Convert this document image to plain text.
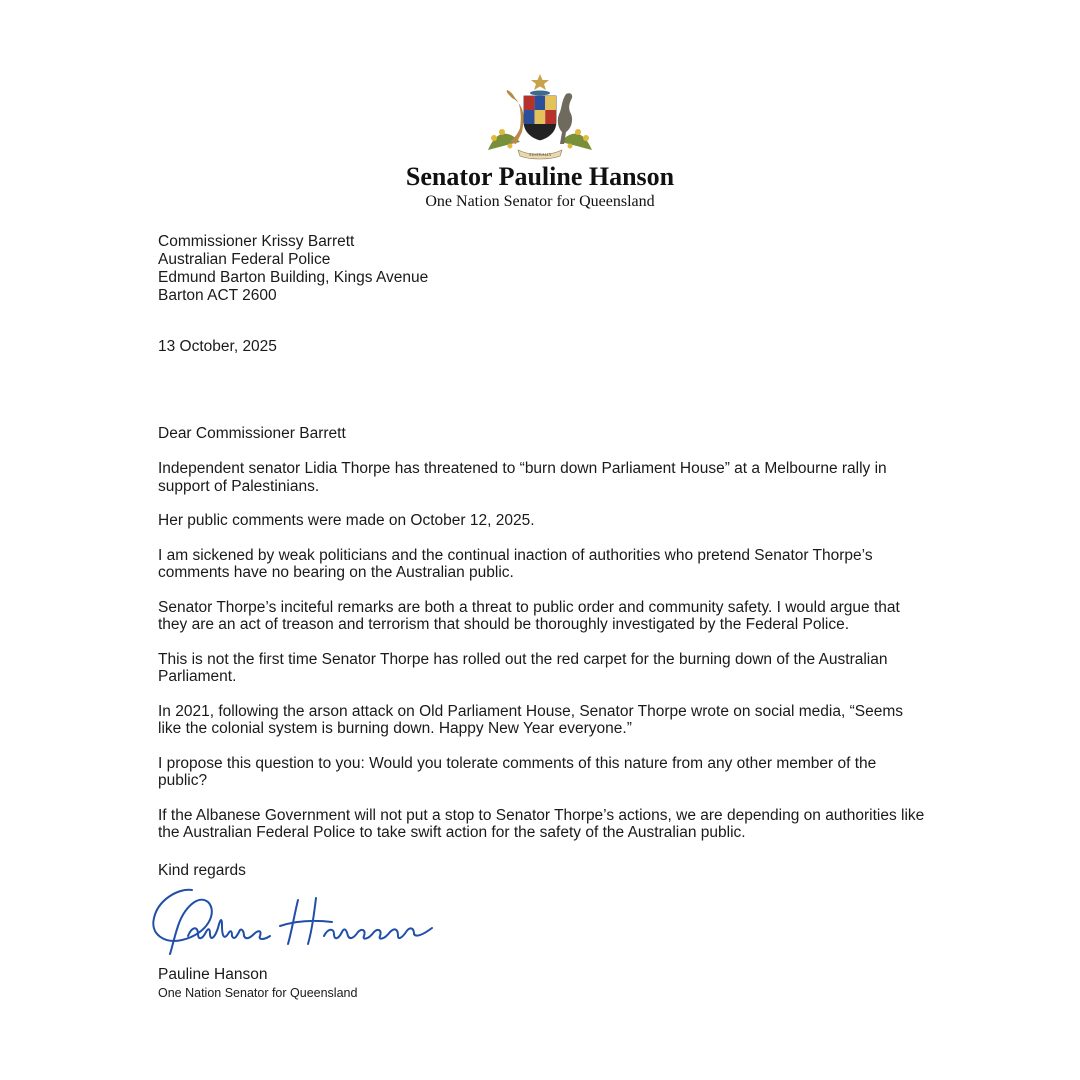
AUSTRALIA
Senator Pauline Hanson
One Nation Senator for Queensland
Commissioner Krissy Barrett
Australian Federal Police
Edmund Barton Building, Kings Avenue
Barton ACT 2600
13 October, 2025
Dear Commissioner Barrett

Independent senator Lidia Thorpe has threatened to “burn down Parliament House” at a Melbourne rally in support of Palestinians.

Her public comments were made on October 12, 2025.

I am sickened by weak politicians and the continual inaction of authorities who pretend Senator Thorpe’s comments have no bearing on the Australian public.

Senator Thorpe’s inciteful remarks are both a threat to public order and community safety. I would argue that they are an act of treason and terrorism that should be thoroughly investigated by the Federal Police.

This is not the first time Senator Thorpe has rolled out the red carpet for the burning down of the Australian Parliament.

In 2021, following the arson attack on Old Parliament House, Senator Thorpe wrote on social media, “Seems like the colonial system is burning down. Happy New Year everyone.”

I propose this question to you: Would you tolerate comments of this nature from any other member of the public?

If the Albanese Government will not put a stop to Senator Thorpe’s actions, we are depending on authorities like the Australian Federal Police to take swift action for the safety of the Australian public.

Kind regards
Pauline Hanson
One Nation Senator for Queensland
